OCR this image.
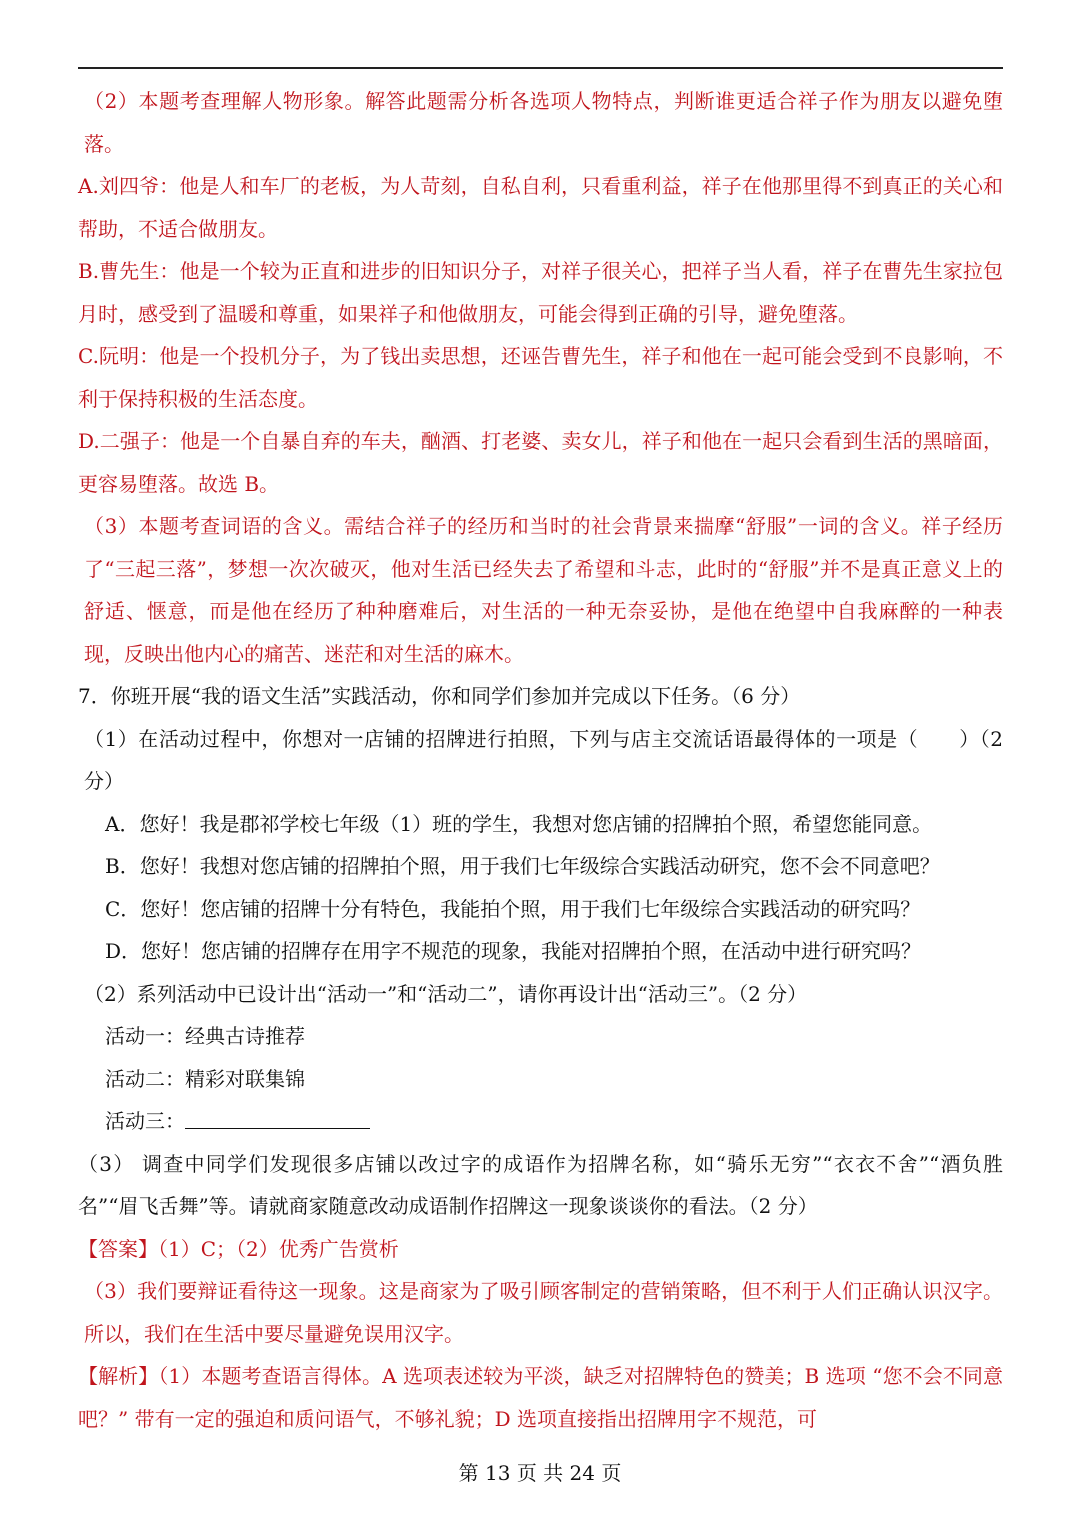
（2）本题考查理解人物形象。解答此题需分析各选项人物特点，判断谁更适合祥子作为朋友以避免堕落。

A.刘四爷：他是人和车厂的老板，为人苛刻，自私自利，只看重利益，祥子在他那里得不到真正的关心和帮助，不适合做朋友。

B.曹先生：他是一个较为正直和进步的旧知识分子，对祥子很关心，把祥子当人看，祥子在曹先生家拉包月时，感受到了温暖和尊重，如果祥子和他做朋友，可能会得到正确的引导，避免堕落。

C.阮明：他是一个投机分子，为了钱出卖思想，还诬告曹先生，祥子和他在一起可能会受到不良影响，不利于保持积极的生活态度。

D.二强子：他是一个自暴自弃的车夫，酗酒、打老婆、卖女儿，祥子和他在一起只会看到生活的黑暗面，更容易堕落。故选 B。

（3）本题考查词语的含义。需结合祥子的经历和当时的社会背景来揣摩“舒服”一词的含义。祥子经历了“三起三落”，梦想一次次破灭，他对生活已经失去了希望和斗志，此时的“舒服”并不是真正意义上的舒适、惬意，而是他在经历了种种磨难后，对生活的一种无奈妥协，是他在绝望中自我麻醉的一种表现，反映出他内心的痛苦、迷茫和对生活的麻木。

7．你班开展“我的语文生活”实践活动，你和同学们参加并完成以下任务。（6 分）

（1）在活动过程中，你想对一店铺的招牌进行拍照，下列与店主交流话语最得体的一项是（　　）（2 分）

A．您好！我是郡祁学校七年级（1）班的学生，我想对您店铺的招牌拍个照，希望您能同意。

B．您好！我想对您店铺的招牌拍个照，用于我们七年级综合实践活动研究，您不会不同意吧？

C．您好！您店铺的招牌十分有特色，我能拍个照，用于我们七年级综合实践活动的研究吗？

D．您好！您店铺的招牌存在用字不规范的现象，我能对招牌拍个照，在活动中进行研究吗？

（2）系列活动中已设计出“活动一”和“活动二”，请你再设计出“活动三”。（2 分）

活动一：经典古诗推荐

活动二：精彩对联集锦

活动三：

（3） 调查中同学们发现很多店铺以改过字的成语作为招牌名称，如“骑乐无穷”“衣衣不舍”“酒负胜名”“眉飞舌舞”等。请就商家随意改动成语制作招牌这一现象谈谈你的看法。（2 分）

【答案】（1）C；（2）优秀广告赏析

（3）我们要辩证看待这一现象。这是商家为了吸引顾客制定的营销策略，但不利于人们正确认识汉字。所以，我们在生活中要尽量避免误用汉字。

【解析】（1）本题考查语言得体。A 选项表述较为平淡，缺乏对招牌特色的赞美；B 选项 “您不会不同意吧？” 带有一定的强迫和质问语气，不够礼貌；D 选项直接指出招牌用字不规范，可

第 13 页 共 24 页
